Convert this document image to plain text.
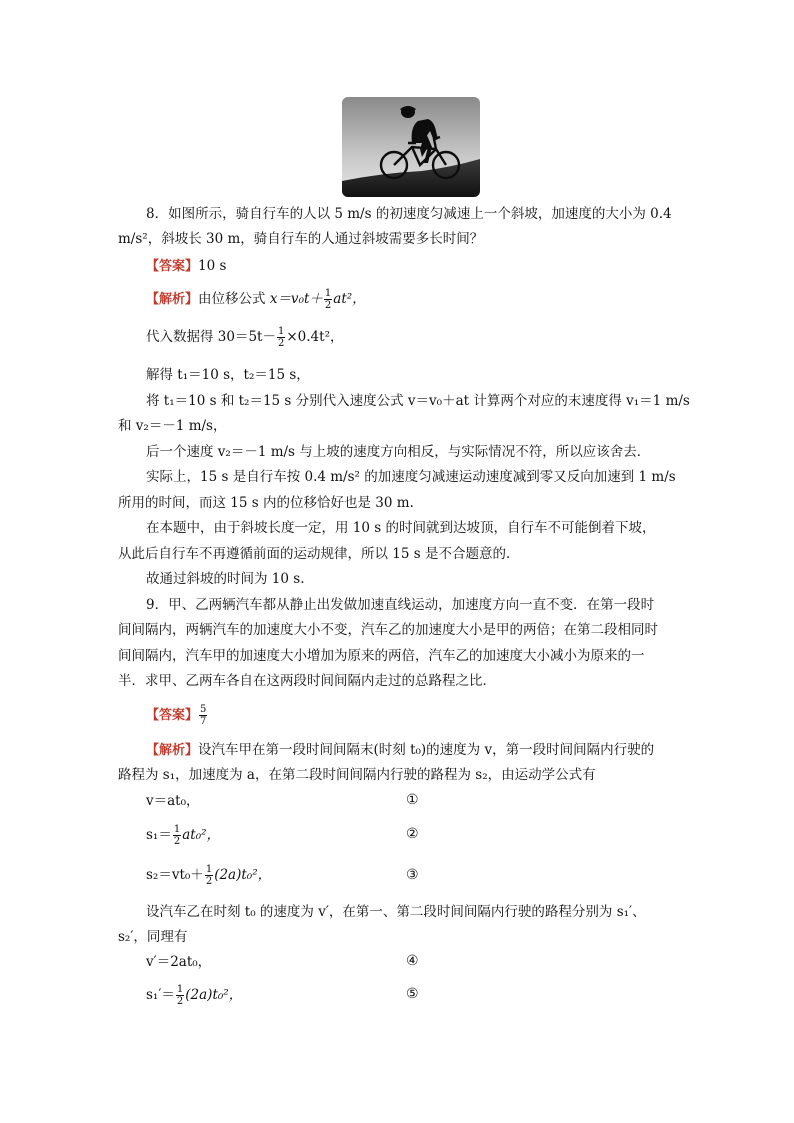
8．如图所示，骑自行车的人以 5 m/s 的初速度匀减速上一个斜坡，加速度的大小为 0.4
m/s²，斜坡长 30 m，骑自行车的人通过斜坡需要多长时间？
【答案】10 s
【解析】由位移公式 $x=v_0t+ \frac{1}{2} at^2$，
代入数据得 $30=5t- \frac{1}{2} \times 0.4t^2$，
解得 t₁＝10 s，t₂＝15 s，
将 t₁＝10 s 和 t₂＝15 s 分别代入速度公式 v＝v₀＋at 计算两个对应的末速度得 v₁＝1 m/s
和 v₂＝－1 m/s，
后一个速度 v₂＝－1 m/s 与上坡的速度方向相反，与实际情况不符，所以应该舍去．
实际上，15 s 是自行车按 0.4 m/s² 的加速度匀减速运动速度减到零又反向加速到 1 m/s
所用的时间，而这 15 s 内的位移恰好也是 30 m.
在本题中，由于斜坡长度一定，用 10 s 的时间就到达坡顶，自行车不可能倒着下坡，
从此后自行车不再遵循前面的运动规律，所以 15 s 是不合题意的．
故通过斜坡的时间为 10 s.
9．甲、乙两辆汽车都从静止出发做加速直线运动，加速度方向一直不变．在第一段时
间间隔内，两辆汽车的加速度大小不变，汽车乙的加速度大小是甲的两倍；在第二段相同时
间间隔内，汽车甲的加速度大小增加为原来的两倍，汽车乙的加速度大小减小为原来的一
半．求甲、乙两车各自在这两段时间间隔内走过的总路程之比．
【答案】 $\frac{5}{7}$
【解析】设汽车甲在第一段时间间隔末(时刻 t₀)的速度为 v，第一段时间间隔内行驶的
路程为 s₁，加速度为 a，在第二段时间间隔内行驶的路程为 s₂，由运动学公式有
v＝at₀，	①
$s_1= \frac{1}{2} at_0^2$，	②
$s_2=vt_0+ \frac{1}{2} (2a)t_0^2$，	③
设汽车乙在时刻 t₀ 的速度为 v′，在第一、第二段时间间隔内行驶的路程分别为 s₁′、
s₂′，同理有
v′＝2at₀，	④
$s_1'= \frac{1}{2} (2a)t_0^2$，	⑤
